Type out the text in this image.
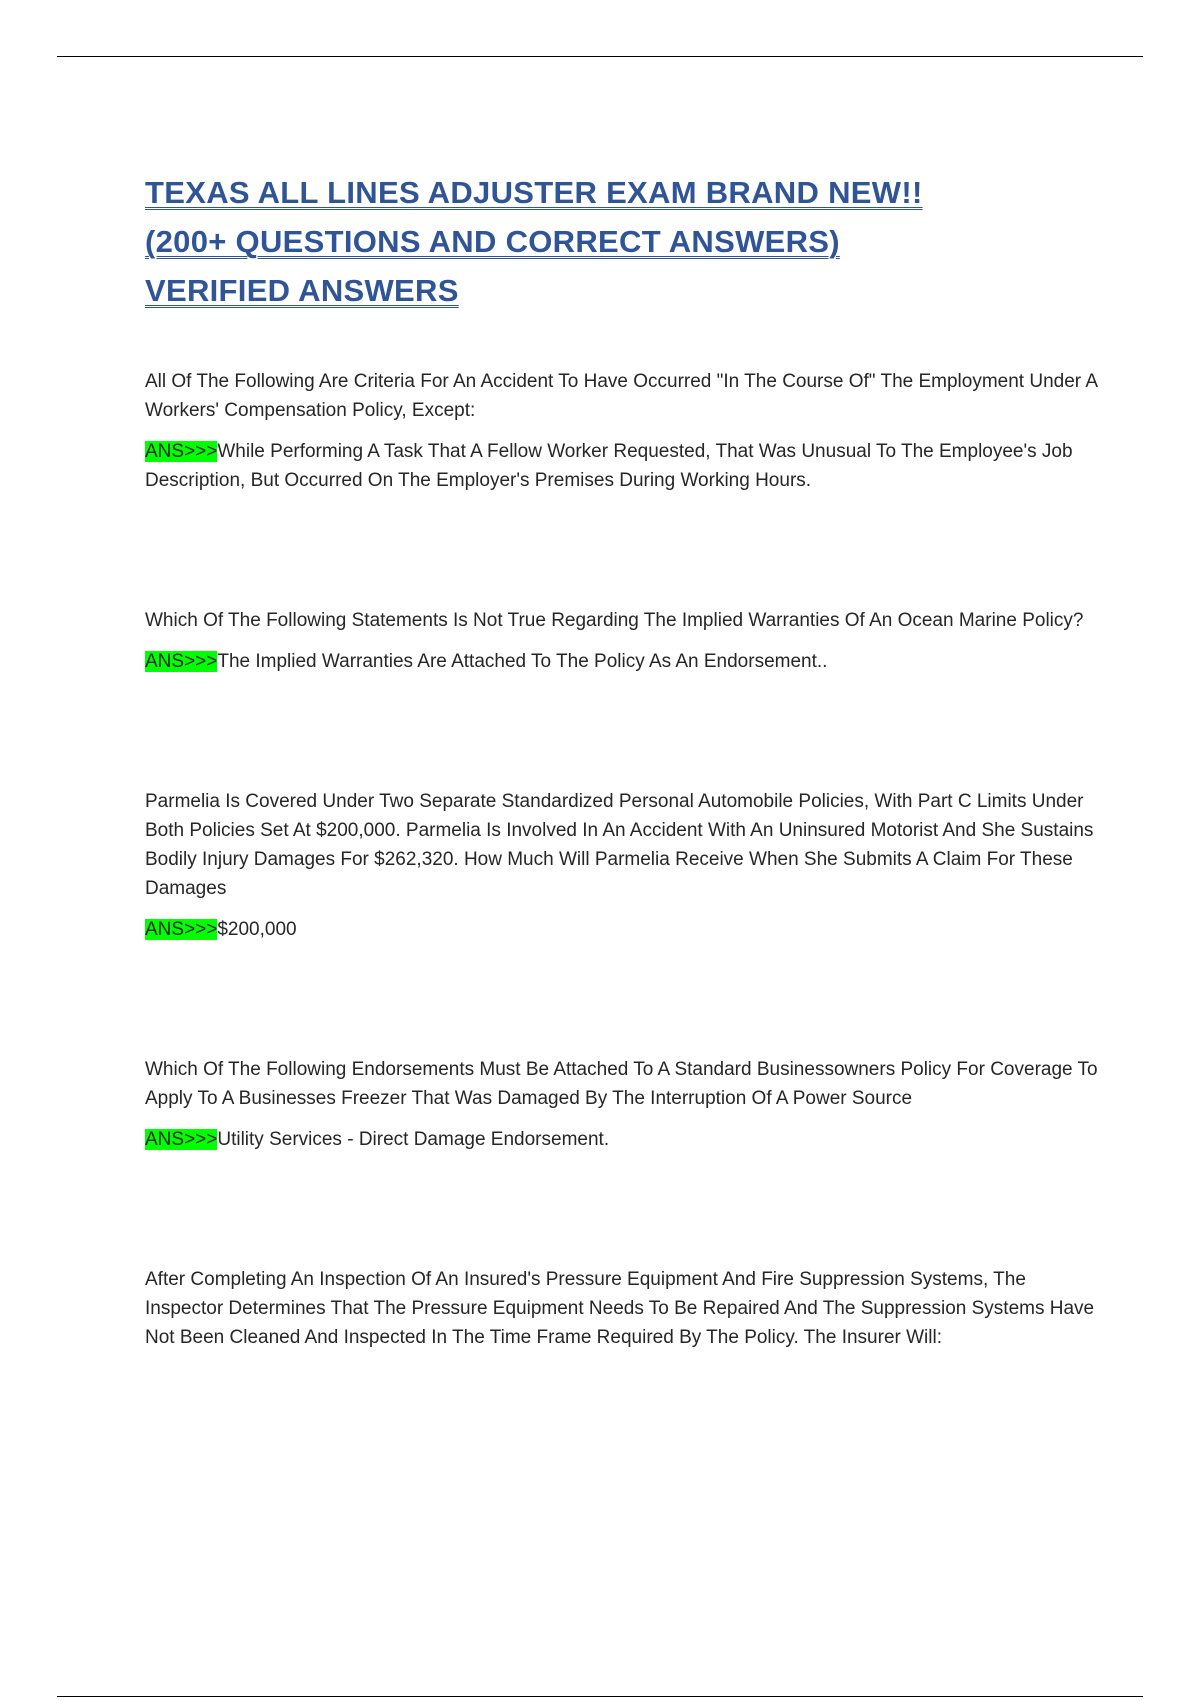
TEXAS ALL LINES ADJUSTER EXAM BRAND NEW!!
(200+ QUESTIONS AND CORRECT ANSWERS)
VERIFIED ANSWERS

All Of The Following Are Criteria For An Accident To Have Occurred "In The Course Of" The Employment Under A Workers' Compensation Policy, Except:

ANS>>>While Performing A Task That A Fellow Worker Requested, That Was Unusual To The Employee's Job Description, But Occurred On The Employer's Premises During Working Hours.

Which Of The Following Statements Is Not True Regarding The Implied Warranties Of An Ocean Marine Policy?

ANS>>>The Implied Warranties Are Attached To The Policy As An Endorsement..

Parmelia Is Covered Under Two Separate Standardized Personal Automobile Policies, With Part C Limits Under Both Policies Set At $200,000. Parmelia Is Involved In An Accident With An Uninsured Motorist And She Sustains Bodily Injury Damages For $262,320. How Much Will Parmelia Receive When She Submits A Claim For These Damages

ANS>>>$200,000

Which Of The Following Endorsements Must Be Attached To A Standard Businessowners Policy For Coverage To Apply To A Businesses Freezer That Was Damaged By The Interruption Of A Power Source

ANS>>>Utility Services - Direct Damage Endorsement.

After Completing An Inspection Of An Insured's Pressure Equipment And Fire Suppression Systems, The Inspector Determines That The Pressure Equipment Needs To Be Repaired And The Suppression Systems Have Not Been Cleaned And Inspected In The Time Frame Required By The Policy. The Insurer Will:
